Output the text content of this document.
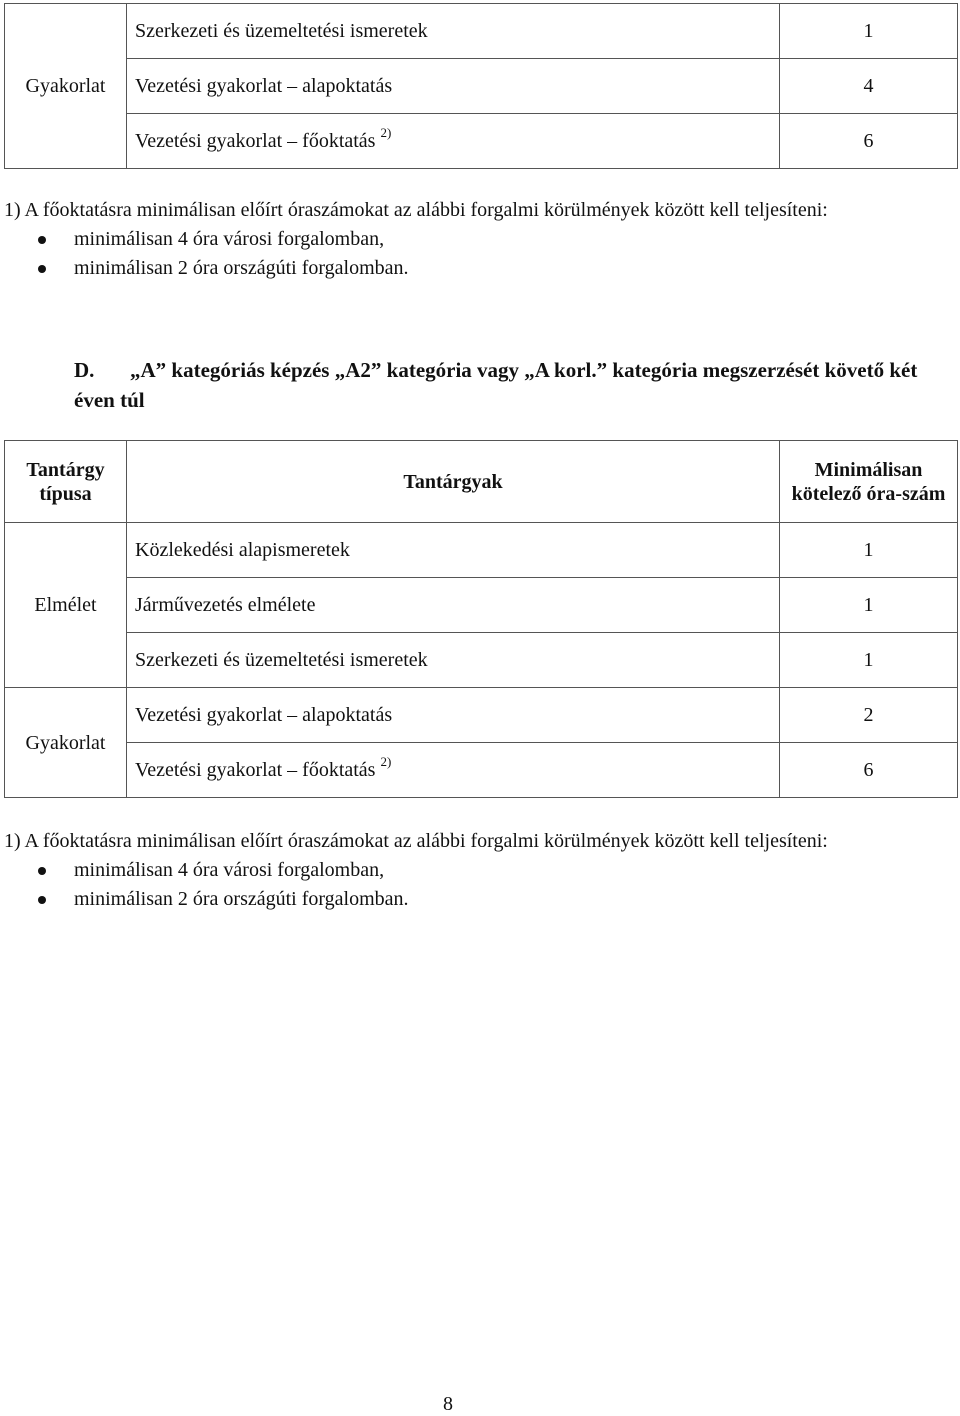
Gyakorlat	Szerkezeti és üzemeltetési ismeretek	1
	Vezetési gyakorlat – alapoktatás	4
	Vezetési gyakorlat – főoktatás $^{2)}$	6
1) A főoktatásra minimálisan előírt óraszámokat az alábbi forgalmi körülmények között kell teljesíteni:
minimálisan 4 óra városi forgalomban,
minimálisan 2 óra országúti forgalomban.
D. „A” kategóriás képzés „A2” kategória vagy „A korl.” kategória megszerzését követő két éven túl
Tantárgy típusa	Tantárgyak	Minimálisan kötelező óra-szám
Elmélet	Közlekedési alapismeretek	1
	Járművezetés elmélete	1
	Szerkezeti és üzemeltetési ismeretek	1
Gyakorlat	Vezetési gyakorlat – alapoktatás	2
	Vezetési gyakorlat – főoktatás $^{2)}$	6
1) A főoktatásra minimálisan előírt óraszámokat az alábbi forgalmi körülmények között kell teljesíteni:
minimálisan 4 óra városi forgalomban,
minimálisan 2 óra országúti forgalomban.
8
